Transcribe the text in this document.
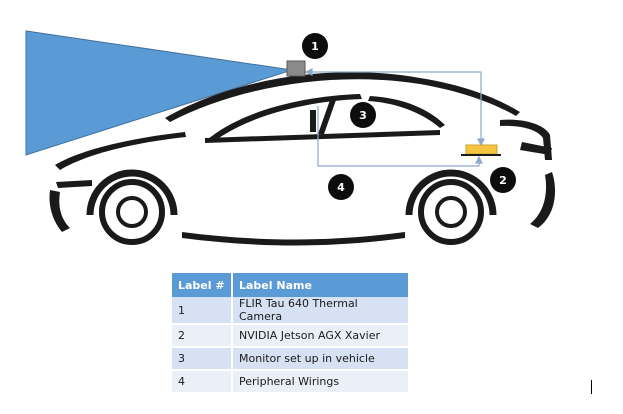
1
2
3
4
Label #	Label Name
1	FLIR Tau 640 Thermal Camera
2	NVIDIA Jetson AGX Xavier
3	Monitor set up in vehicle
4	Peripheral Wirings
